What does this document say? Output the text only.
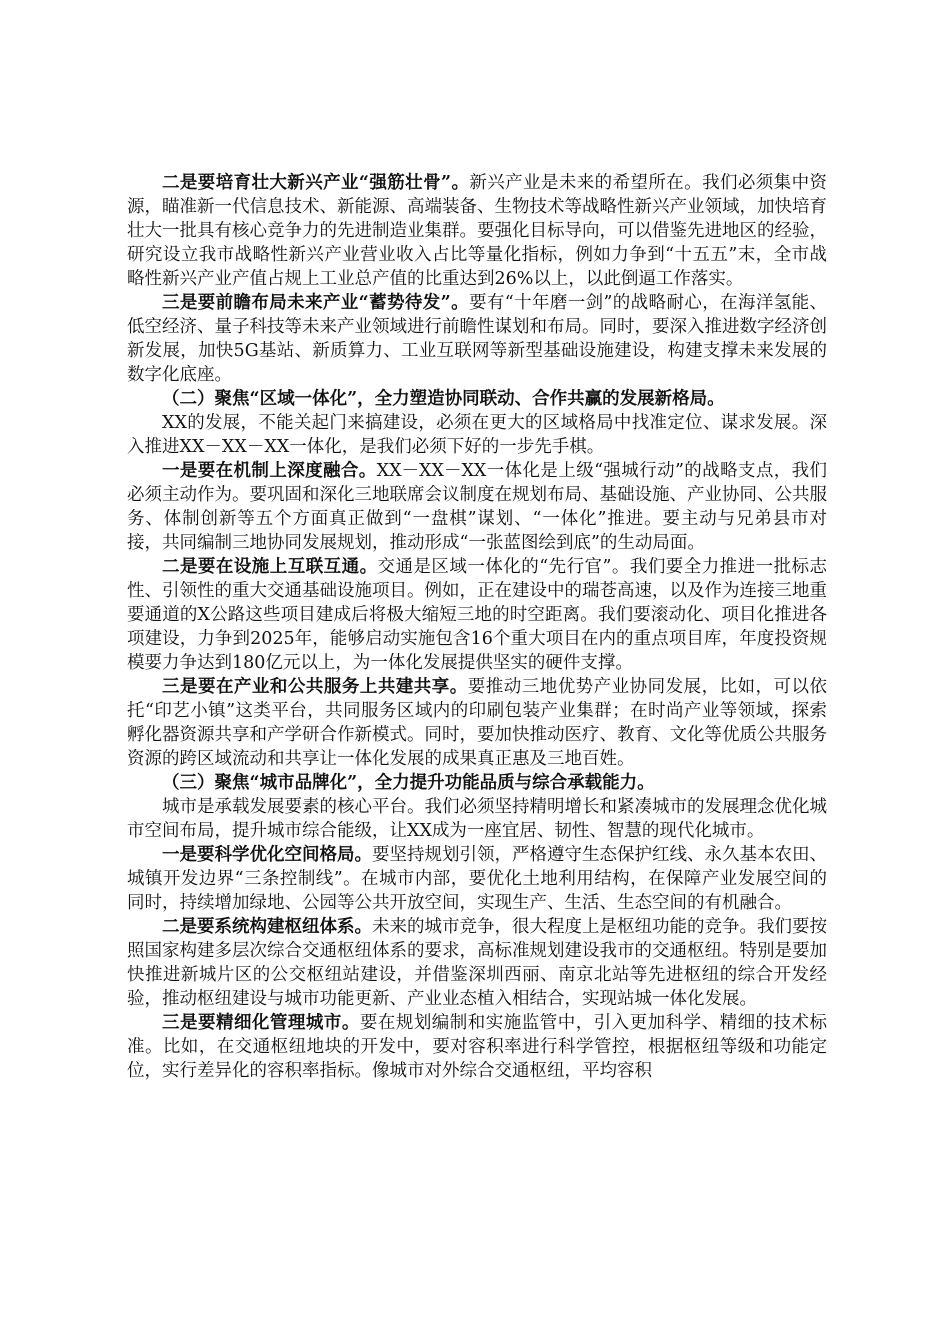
二是要培育壮大新兴产业“强筋壮骨”。新兴产业是未来的希望所在。我们必须集中资源，瞄准新一代信息技术、新能源、高端装备、生物技术等战略性新兴产业领域，加快培育壮大一批具有核心竞争力的先进制造业集群。要强化目标导向，可以借鉴先进地区的经验，研究设立我市战略性新兴产业营业收入占比等量化指标，例如力争到“十五五”末，全市战略性新兴产业产值占规上工业总产值的比重达到26%以上，以此倒逼工作落实。

三是要前瞻布局未来产业“蓄势待发”。要有“十年磨一剑”的战略耐心，在海洋氢能、低空经济、量子科技等未来产业领域进行前瞻性谋划和布局。同时，要深入推进数字经济创新发展，加快5G基站、新质算力、工业互联网等新型基础设施建设，构建支撑未来发展的数字化底座。

（二）聚焦“区域一体化”，全力塑造协同联动、合作共赢的发展新格局。

XX的发展，不能关起门来搞建设，必须在更大的区域格局中找准定位、谋求发展。深入推进XX－XX－XX一体化，是我们必须下好的一步先手棋。

一是要在机制上深度融合。XX－XX－XX一体化是上级“强城行动”的战略支点，我们必须主动作为。要巩固和深化三地联席会议制度在规划布局、基础设施、产业协同、公共服务、体制创新等五个方面真正做到“一盘棋”谋划、“一体化”推进。要主动与兄弟县市对接，共同编制三地协同发展规划，推动形成“一张蓝图绘到底”的生动局面。

二是要在设施上互联互通。交通是区域一体化的“先行官”。我们要全力推进一批标志性、引领性的重大交通基础设施项目。例如，正在建设中的瑞苍高速，以及作为连接三地重要通道的X公路这些项目建成后将极大缩短三地的时空距离。我们要滚动化、项目化推进各项建设，力争到2025年，能够启动实施包含16个重大项目在内的重点项目库，年度投资规模要力争达到180亿元以上，为一体化发展提供坚实的硬件支撑。

三是要在产业和公共服务上共建共享。要推动三地优势产业协同发展，比如，可以依托“印艺小镇”这类平台，共同服务区域内的印刷包装产业集群；在时尚产业等领域，探索孵化器资源共享和产学研合作新模式。同时，要加快推动医疗、教育、文化等优质公共服务资源的跨区域流动和共享让一体化发展的成果真正惠及三地百姓。

（三）聚焦“城市品牌化”，全力提升功能品质与综合承载能力。

城市是承载发展要素的核心平台。我们必须坚持精明增长和紧凑城市的发展理念优化城市空间布局，提升城市综合能级，让XX成为一座宜居、韧性、智慧的现代化城市。

一是要科学优化空间格局。要坚持规划引领，严格遵守生态保护红线、永久基本农田、城镇开发边界“三条控制线”。在城市内部，要优化土地利用结构，在保障产业发展空间的同时，持续增加绿地、公园等公共开放空间，实现生产、生活、生态空间的有机融合。

二是要系统构建枢纽体系。未来的城市竞争，很大程度上是枢纽功能的竞争。我们要按照国家构建多层次综合交通枢纽体系的要求，高标准规划建设我市的交通枢纽。特别是要加快推进新城片区的公交枢纽站建设，并借鉴深圳西丽、南京北站等先进枢纽的综合开发经验，推动枢纽建设与城市功能更新、产业业态植入相结合，实现站城一体化发展。

三是要精细化管理城市。要在规划编制和实施监管中，引入更加科学、精细的技术标准。比如，在交通枢纽地块的开发中，要对容积率进行科学管控，根据枢纽等级和功能定位，实行差异化的容积率指标。像城市对外综合交通枢纽，平均容积
